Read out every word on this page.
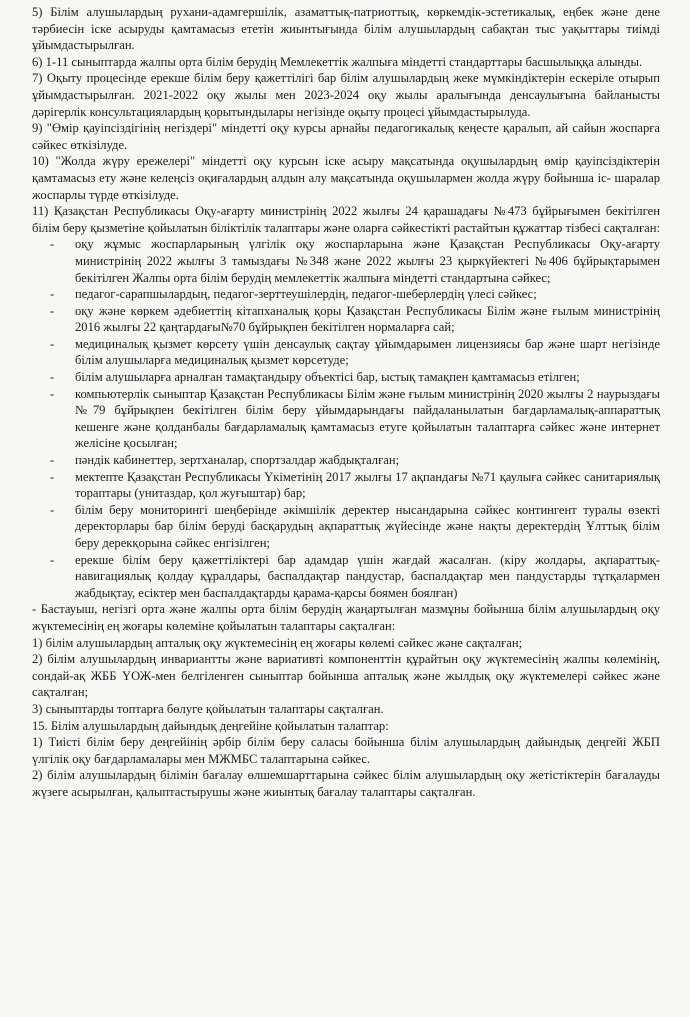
5) Білім алушылардың рухани-адамгершілік, азаматтық-патриоттық, көркемдік-эстетикалық, еңбек және дене тәрбиесін іске асыруды қамтамасыз ететін жиынтығында білім алушылардың сабақтан тыс уақыттары тиімді ұйымдастырылған.

6) 1-11 сыныптарда жалпы орта білім берудің Мемлекеттік жалпыға міндетті стандарттары басшылыққа алынды.

7) Оқыту процесінде ерекше білім беру қажеттілігі бар білім алушылардың жеке мүмкіндіктерін ескеріле отырып ұйымдастырылған. 2021-2022 оқу жылы мен 2023-2024 оқу жылы аралығында денсаулығына байланысты дәрігерлік консультациялардың қорытындылары негізінде оқыту процесі ұйымдастырылуда.

9) "Өмір қауіпсіздігінің негіздері" міндетті оқу курсы арнайы педагогикалық кеңесте қаралып, ай сайын жоспарға сәйкес өткізілуде.

10) "Жолда жүру ережелері" міндетті оқу курсын іске асыру мақсатында оқушылардың өмір қауіпсіздіктерін қамтамасыз ету және келеңсіз оқиғалардың алдын алу мақсатында оқушылармен жолда жүру бойынша іс- шаралар жоспарлы түрде өткізілуде.

11) Қазақстан Республикасы Оқу-ағарту министрінің 2022 жылғы 24 қарашадағы №473 бұйрығымен бекітілген білім беру қызметіне қойылатын біліктілік талаптары және оларға сәйкестікті растайтын құжаттар тізбесі сақталған:

- оқу жұмыс жоспарларының үлгілік оқу жоспарларына және Қазақстан Республикасы Оқу-ағарту министрінің 2022 жылғы 3 тамыздағы №348 және 2022 жылғы 23 қыркүйектегі №406 бұйрықтарымен бекітілген Жалпы орта білім берудің мемлекеттік жалпыға міндетті стандартына сәйкес;
- педагог-сарапшылардың, педагог-зерттеушілердің, педагог-шеберлердің үлесі сәйкес;
- оқу және көркем әдебиеттің кітапханалық қоры Қазақстан Республикасы Білім және ғылым министрінің 2016 жылғы 22 қаңтардағы№70 бұйрықпен бекітілген нормаларға сай;
- медициналық қызмет көрсету үшін денсаулық сақтау ұйымдарымен лицензиясы бар және шарт негізінде білім алушыларға медициналық қызмет көрсетуде;
- білім алушыларға арналған тамақтандыру объектісі бар, ыстық тамақпен қамтамасыз етілген;
- компьютерлік сыныптар Қазақстан Республикасы Білім және ғылым министрінің 2020 жылғы 2 наурыздағы №79 бұйрықпен бекітілген білім беру ұйымдарындағы пайдаланылатын бағдарламалық-аппараттық кешенге және қолданбалы бағдарламалық қамтамасыз етуге қойылатын талаптарға сәйкес және интернет желісіне қосылған;
- пәндік кабинеттер, зертханалар, спортзалдар жабдықталған;
- мектепте Қазақстан Республикасы Үкіметінің 2017 жылғы 17 ақпандағы №71 қаулыға сәйкес санитариялық торaптары (унитаздар, қол жуғыштар) бар;
- білім беру мониторингі шеңберінде әкімшілік деректер нысандарына сәйкес контингент туралы өзекті деректорлары бар білім беруді басқарудың ақпараттық жүйесінде және нақты деректердің Ұлттық білім беру дерекқорына сәйкес енгізілген;
- ерекше білім беру қажеттіліктері бар адамдар үшін жағдай жасалған. (кіру жолдары, ақпараттық-навигациялық қолдау құралдары, баспалдақтар пандустар, баспалдақтар мен пандустарды тұтқалармен жабдықтау, есіктер мен баспалдақтарды қарама-қарсы боямен боялған)

- Бастауыш, негізгі орта және жалпы орта білім берудің жаңартылған мазмұны бойынша білім алушылардың оқу жүктемесінің ең жоғары көлеміне қойылатын талаптары сақталған:

1) білім алушылардың апталық оқу жүктемесінің ең жоғары көлемі сәйкес және сақталған;

2) білім алушылардың инвариантты және вариативті компоненттін құрайтын оқу жүктемесінің жалпы көлемінің, сондай-ақ ЖББ ҮОЖ-мен белгіленген сыныптар бойынша апталық және жылдық оқу жүктемелері сәйкес және сақталған;

3) сыныптарды топтарға бөлуге қойылатын талаптары сақталған.

15. Білім алушылардың дайындық деңгейіне қойылатын талаптар:

1) Тиісті білім беру деңгейінің әрбір білім беру саласы бойынша білім алушылардың дайындық деңгейі ЖБП үлгілік оқу бағдарламалары мен МЖМБС талаптарына сәйкес.

2) білім алушылардың білімін бағалау өлшемшарттарына сәйкес білім алушылардың оқу жетістіктерін бағалауды жүзеге асырылған, қалыптастырушы және жиынтық бағалау талаптары сақталған.
